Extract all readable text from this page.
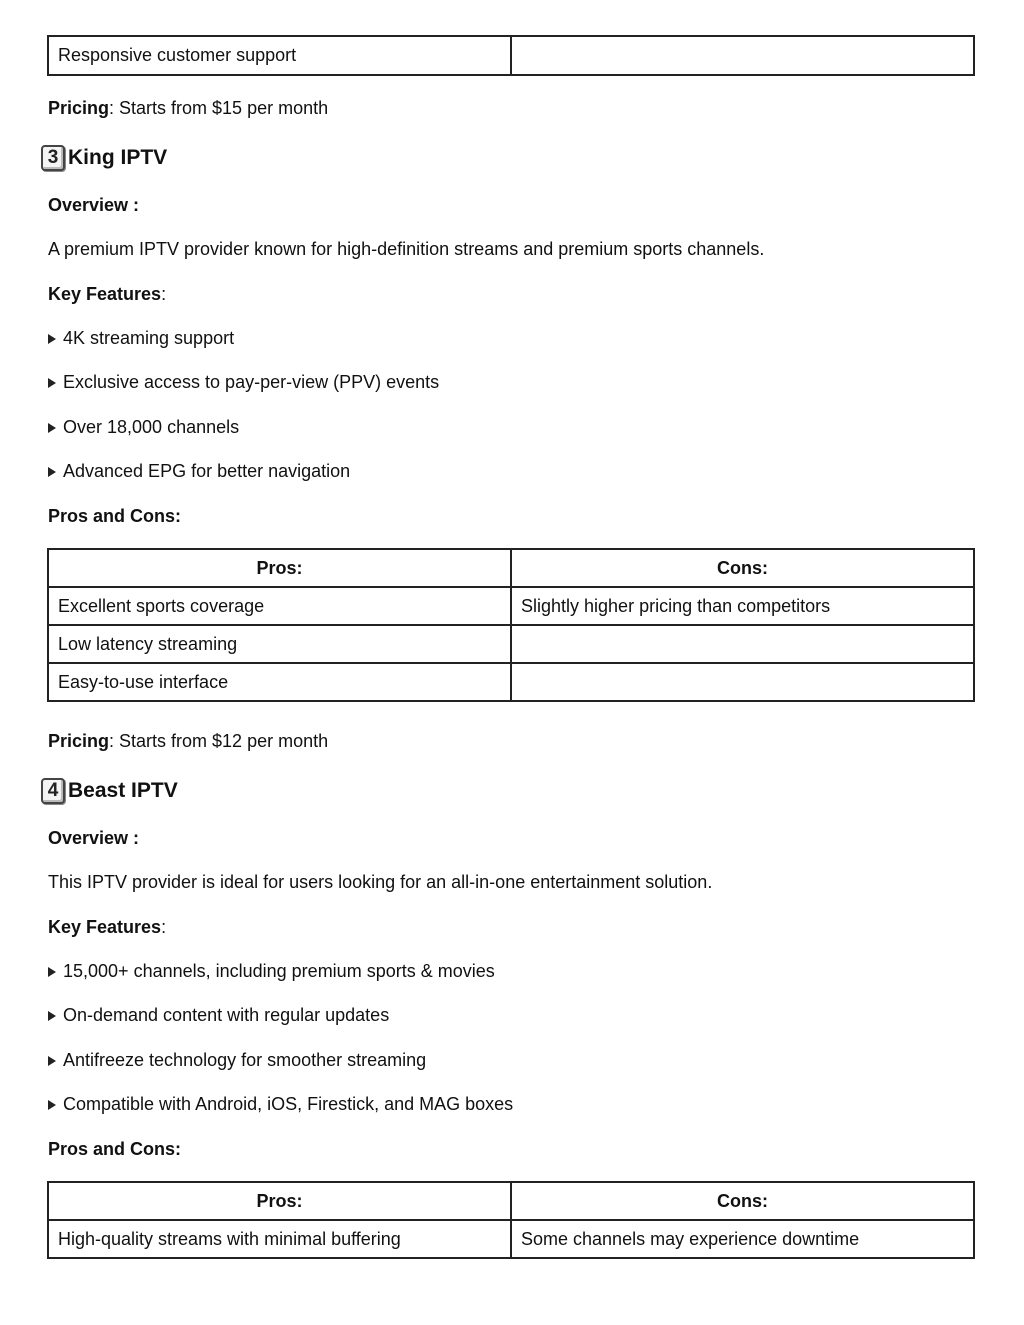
Responsive customer support	
Pricing: Starts from $15 per month
3 King IPTV
Overview :
A premium IPTV provider known for high-definition streams and premium sports channels.
Key Features:
4K streaming support
Exclusive access to pay-per-view (PPV) events
Over 18,000 channels
Advanced EPG for better navigation
Pros and Cons:
Pros:	Cons:
Excellent sports coverage	Slightly higher pricing than competitors
Low latency streaming	
Easy-to-use interface	
Pricing: Starts from $12 per month
4 Beast IPTV
Overview :
This IPTV provider is ideal for users looking for an all-in-one entertainment solution.
Key Features:
15,000+ channels, including premium sports & movies
On-demand content with regular updates
Antifreeze technology for smoother streaming
Compatible with Android, iOS, Firestick, and MAG boxes
Pros and Cons:
Pros:	Cons:
High-quality streams with minimal buffering	Some channels may experience downtime
